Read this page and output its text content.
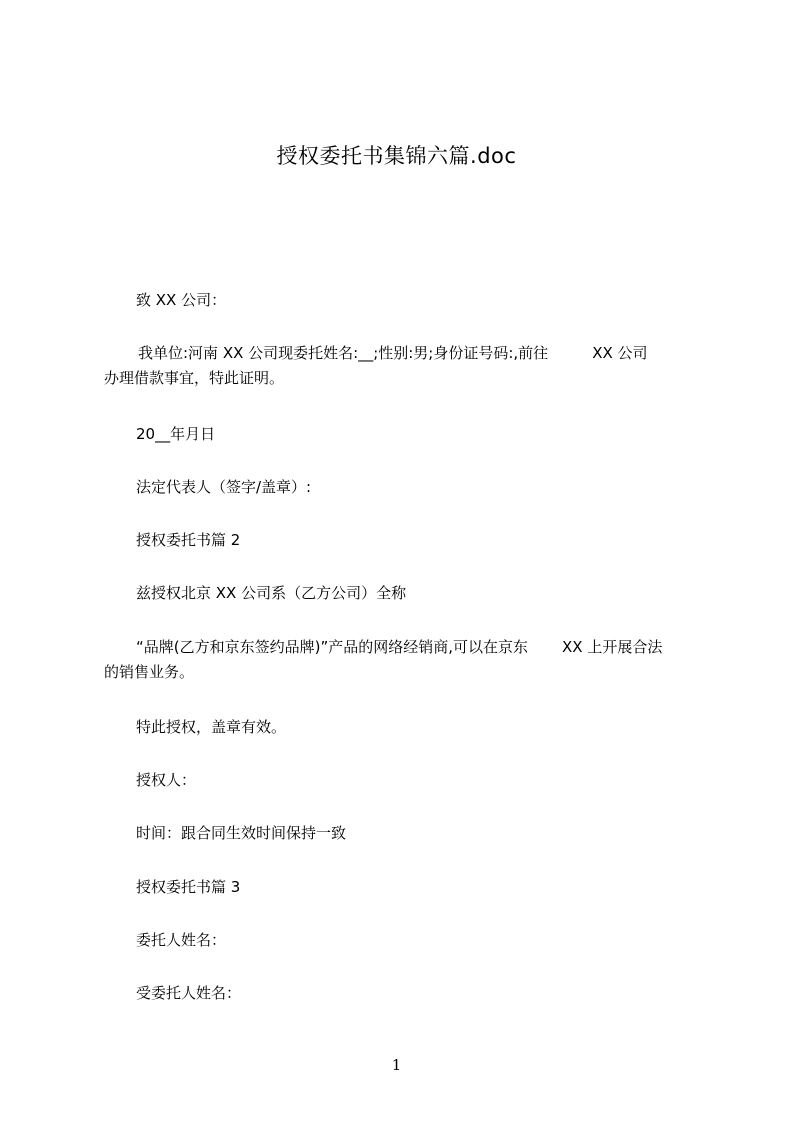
授权委托书集锦六篇.doc
致 XX 公司：
我单位:河南 XX 公司现委托姓名:__;性别:男;身份证号码:,前往	XX 公司
办理借款事宜，特此证明。
20__年月日
法定代表人（签字/盖章）:
授权委托书篇 2
兹授权北京 XX 公司系（乙方公司）全称
“品牌(乙方和京东签约品牌)”产品的网络经销商,可以在京东 XX 上开展合法
的销售业务。
特此授权，盖章有效。
授权人：
时间：跟合同生效时间保持一致
授权委托书篇 3
委托人姓名：
受委托人姓名：
1
